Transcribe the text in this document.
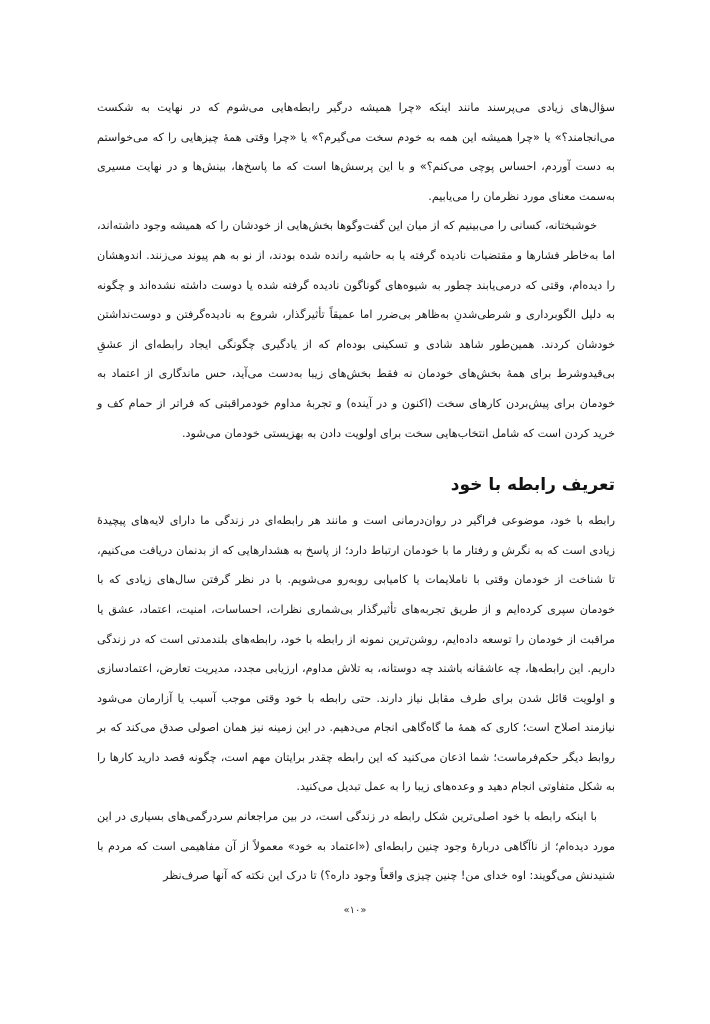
سؤال‌های زیادی می‌پرسند مانند اینکه «چرا همیشه درگیر رابطه‌هایی می‌شوم که در نهایت به شکست می‌انجامند؟» یا «چرا همیشه این همه به خودم سخت می‌گیرم؟» یا «چرا وقتی همهٔ چیزهایی را که می‌خواستم به دست آوردم، احساس پوچی می‌کنم؟» و با این پرسش‌ها است که ما پاسخ‌ها، بینش‌ها و در نهایت مسیری به‌سمت معنای مورد نظرمان را می‌یابیم.

خوشبختانه، کسانی را می‌بینیم که از میان این گفت‌وگوها بخش‌هایی از خودشان را که همیشه وجود داشته‌اند، اما به‌خاطر فشارها و مقتضیات نادیده گرفته یا به حاشیه رانده شده بودند، از نو به هم پیوند می‌زنند. اندوهشان را دیده‌ام، وقتی که درمی‌یابند چطور به شیوه‌های گوناگون نادیده گرفته شده یا دوست داشته نشده‌اند و چگونه به دلیل الگوبرداری و شرطی‌شدنِ به‌ظاهر بی‌ضرر اما عمیقاً تأثیرگذار، شروع به نادیده‌گرفتن و دوست‌نداشتن خودشان کردند. همین‌طور شاهد شادی و تسکینی بوده‌ام که از یادگیری چگونگی ایجاد رابطه‌ای از عشقِ بی‌قیدوشرط برای همهٔ بخش‌های خودمان نه فقط بخش‌های زیبا به‌دست می‌آید، حس ماندگاری از اعتماد به خودمان برای پیش‌بردن کارهای سخت (اکنون و در آینده) و تجربهٔ مداوم خودمراقبتی که فراتر از حمام کف و خرید کردن است که شامل انتخاب‌هایی سخت برای اولویت دادن به بهزیستی خودمان می‌شود.

تعریف رابطه با خود

رابطه با خود، موضوعی فراگیر در روان‌درمانی است و مانند هر رابطه‌ای در زندگی ما دارای لایه‌های پیچیدهٔ زیادی است که به نگرش و رفتار ما با خودمان ارتباط دارد؛ از پاسخ به هشدارهایی که از بدنمان دریافت می‌کنیم، تا شناخت از خودمان وقتی با ناملایمات یا کامیابی روبه‌رو می‌شویم. با در نظر گرفتن سال‌های زیادی که با خودمان سپری کرده‌ایم و از طریق تجربه‌های تأثیرگذار بی‌شماری نظرات، احساسات، امنیت، اعتماد، عشق یا مراقبت از خودمان را توسعه داده‌ایم، روشن‌ترین نمونه از رابطه با خود، رابطه‌های بلندمدتی است که در زندگی داریم. این رابطه‌ها، چه عاشقانه باشند چه دوستانه، به تلاش مداوم، ارزیابی مجدد، مدیریت تعارض، اعتمادسازی و اولویت قائل شدن برای طرف مقابل نیاز دارند. حتی رابطه با خود وقتی موجب آسیب یا آزارمان می‌شود نیازمند اصلاح است؛ کاری که همهٔ ما گاه‌گاهی انجام می‌دهیم. در این زمینه نیز همان اصولی صدق می‌کند که بر روابط دیگر حکم‌فرماست؛ شما اذعان می‌کنید که این رابطه چقدر برایتان مهم است، چگونه قصد دارید کارها را به شکل متفاوتی انجام دهید و وعده‌های زیبا را به عمل تبدیل می‌کنید.

با اینکه رابطه با خود اصلی‌ترین شکل رابطه در زندگی است، در بین مراجعانم سردرگمی‌های بسیاری در این مورد دیده‌ام؛ از ناآگاهی دربارهٔ وجود چنین رابطه‌ای («اعتماد به خود» معمولاً از آن مفاهیمی است که مردم با شنیدنش می‌گویند: اوه خدای من! چنین چیزی واقعاً وجود داره؟) تا درک این نکته که آنها صرف‌نظر

«۱۰»
